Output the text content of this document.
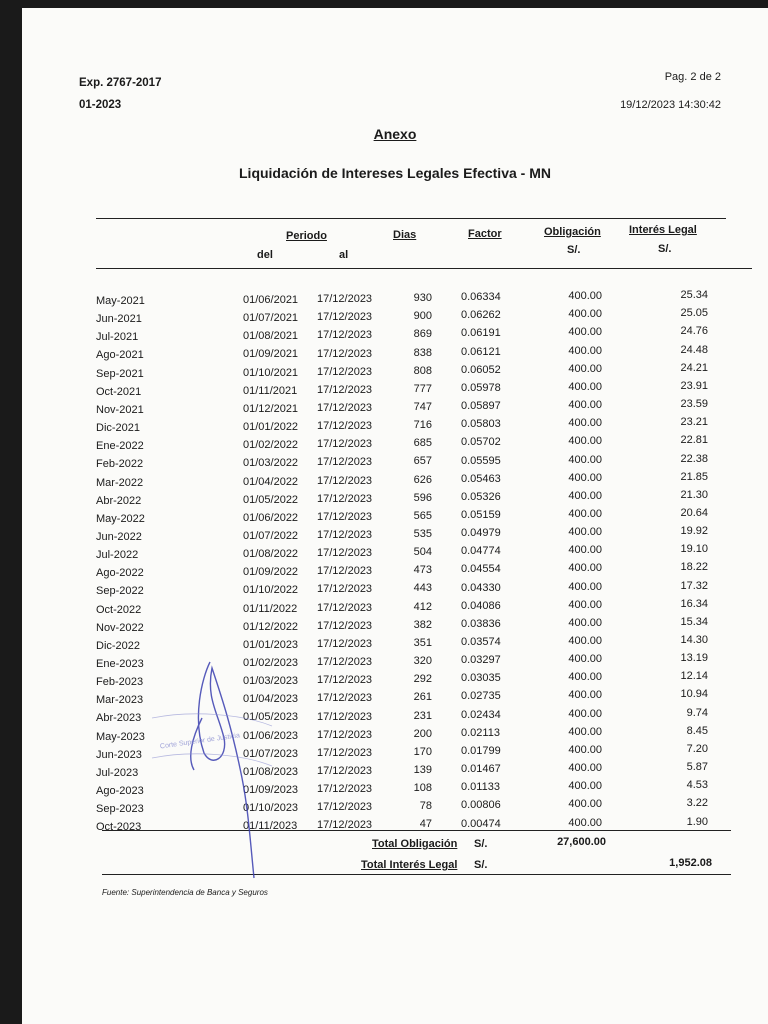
Exp. 2767-2017
01-2023
Pag. 2 de 2
19/12/2023 14:30:42
Anexo
Liquidación de Intereses Legales Efectiva - MN
Periodo
del	al
Dias	Factor	Obligación
S/.
Interés Legal
S/.
May-2021	01/06/2021 17/12/2023	930	0.06334	400.00	25.34
Jun-2021	01/07/2021 17/12/2023	900	0.06262	400.00	25.05
Jul-2021	01/08/2021 17/12/2023	869	0.06191	400.00	24.76
Ago-2021	01/09/2021 17/12/2023	838	0.06121	400.00	24.48
Sep-2021	01/10/2021 17/12/2023	808	0.06052	400.00	24.21
Oct-2021	01/11/2021 17/12/2023	777	0.05978	400.00	23.91
Nov-2021	01/12/2021 17/12/2023	747	0.05897	400.00	23.59
Dic-2021	01/01/2022 17/12/2023	716	0.05803	400.00	23.21
Ene-2022	01/02/2022 17/12/2023	685	0.05702	400.00	22.81
Feb-2022	01/03/2022 17/12/2023	657	0.05595	400.00	22.38
Mar-2022	01/04/2022 17/12/2023	626	0.05463	400.00	21.85
Abr-2022	01/05/2022 17/12/2023	596	0.05326	400.00	21.30
May-2022	01/06/2022 17/12/2023	565	0.05159	400.00	20.64
Jun-2022	01/07/2022 17/12/2023	535	0.04979	400.00	19.92
Jul-2022	01/08/2022 17/12/2023	504	0.04774	400.00	19.10
Ago-2022	01/09/2022 17/12/2023	473	0.04554	400.00	18.22
Sep-2022	01/10/2022 17/12/2023	443	0.04330	400.00	17.32
Oct-2022	01/11/2022 17/12/2023	412	0.04086	400.00	16.34
Nov-2022	01/12/2022 17/12/2023	382	0.03836	400.00	15.34
Dic-2022	01/01/2023 17/12/2023	351	0.03574	400.00	14.30
Ene-2023	01/02/2023 17/12/2023	320	0.03297	400.00	13.19
Feb-2023	01/03/2023 17/12/2023	292	0.03035	400.00	12.14
Mar-2023	01/04/2023 17/12/2023	261	0.02735	400.00	10.94
Abr-2023	01/05/2023 17/12/2023	231	0.02434	400.00	9.74
May-2023	01/06/2023 17/12/2023	200	0.02113	400.00	8.45
Jun-2023	01/07/2023 17/12/2023	170	0.01799	400.00	7.20
Jul-2023	01/08/2023 17/12/2023	139	0.01467	400.00	5.87
Ago-2023	01/09/2023 17/12/2023	108	0.01133	400.00	4.53
Sep-2023	01/10/2023 17/12/2023	78	0.00806	400.00	3.22
Oct-2023	01/11/2023 17/12/2023	47	0.00474	400.00	1.90
Total Obligación S/.	27,600.00
Total Interés Legal S/.	1,952.08
Fuente: Superintendencia de Banca y Seguros
Corte Superior de Justicia
